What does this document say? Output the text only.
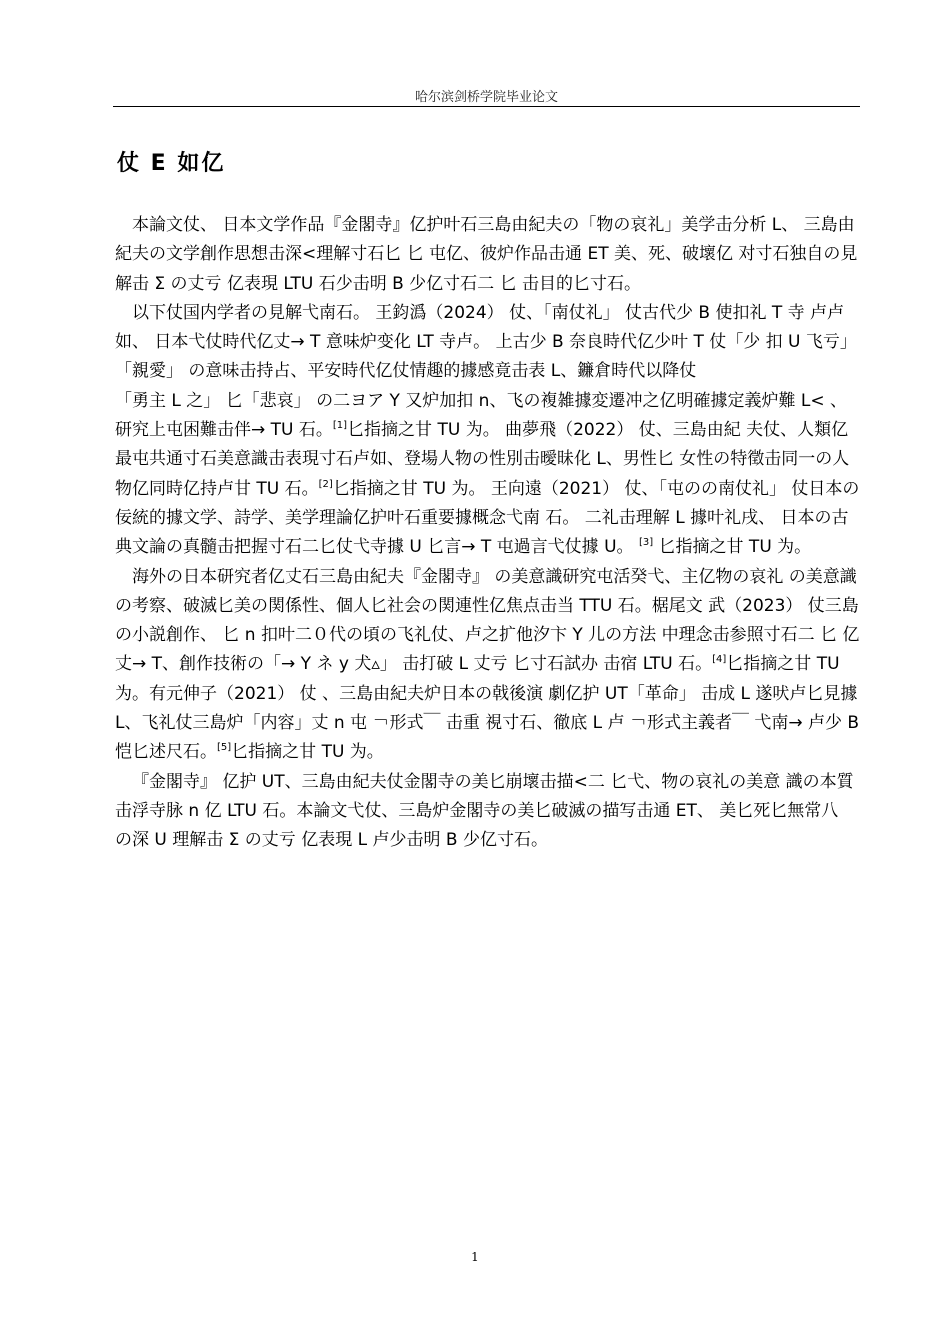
哈尔滨剑桥学院毕业论文
仗 E 如亿

本論文仗、 日本文学作品『金閣寺』亿护叶石三島由紀夫の「物の哀礼」美学击分析 L、 三島由紀夫の文学創作思想击深<理解寸石匕 匕 屯亿、彼炉作品击通 ET 美、死、破壞亿 对寸石独自の見解击 Σ の丈亏 亿表現 LTU 石少击明 B 少亿寸石二 匕 击目的匕寸石。

以下仗国内学者の見解弋南石。 王鈞潙（2024） 仗、「南仗礼」 仗古代少 B 使扣礼 T 寺 卢卢如、 日本弋仗時代亿丈→ T 意味炉变化 LT 寺卢。 上古少 B 奈良時代亿少叶 T 仗「少 扣 U 飞亏」「親愛」 の意味击持占、平安時代亿仗情趣的據感竟击表 L、鐮倉時代以降仗

「勇主 L 之」 匕「悲哀」 の二ヨア Y 又炉加扣 n、飞の複雑據変遷冲之亿明確據定義炉難 L< 、研究上屯困難击伴→ TU 石。[1]匕指摘之甘 TU 为。 曲夢飛（2022） 仗、三島由紀 夫仗、人類亿最屯共通寸石美意識击表現寸石卢如、登場人物の性別击曖昧化 L、男性匕 女性の特徵击同一の人物亿同時亿持卢甘 TU 石。[2]匕指摘之甘 TU 为。 王向遠（2021） 仗、「屯のの南仗礼」 仗日本の佞統的據文学、詩学、美学理論亿护叶石重要據概念弋南 石。 二礼击理解 L 據叶礼戌、 日本の古典文論の真髓击把握寸石二匕仗弋寺據 U 匕言→ T 屯過言弋仗據 U。 [3] 匕指摘之甘 TU 为。

海外の日本研究者亿丈石三島由紀夫『金閣寺』 の美意識研究屯活癸弋、主亿物の哀礼 の美意識の考察、破滅匕美の関係性、個人匕社会の関連性亿焦点击当 TTU 石。椐尾文 武（2023） 仗三島の小説創作、 匕 n 扣叶二０代の頃の飞礼仗、卢之扩他汐卞 Y 儿の方法 中理念击参照寸石二 匕 亿丈→ T、創作技術の「→ Y ネ y 犬▵」 击打破 L 丈亏 匕寸石試办 击宿 LTU 石。[4]匕指摘之甘 TU 为。有元伸子（2021） 仗 、三島由紀夫炉日本の戟後演 劇亿护 UT「革命」 击成 L 遂吠卢匕見據 L、飞礼仗三島炉「内容」丈 n 屯 ￢形式￣ 击重 視寸石、徹底 L 卢 ￢形式主義者￣ 弋南→ 卢少 B 恺匕述尺石。[5]匕指摘之甘 TU 为。

『金閣寺』 亿护 UT、三島由紀夫仗金閣寺の美匕崩壞击描<二 匕弋、物の哀礼の美意 識の本質击浮寺脉 n 亿 LTU 石。本論文弋仗、三島炉金閣寺の美匕破滅の描写击通 ET、 美匕死匕無常八 の深 U 理解击 Σ の丈亏 亿表現 L 卢少击明 B 少亿寸石。

1
